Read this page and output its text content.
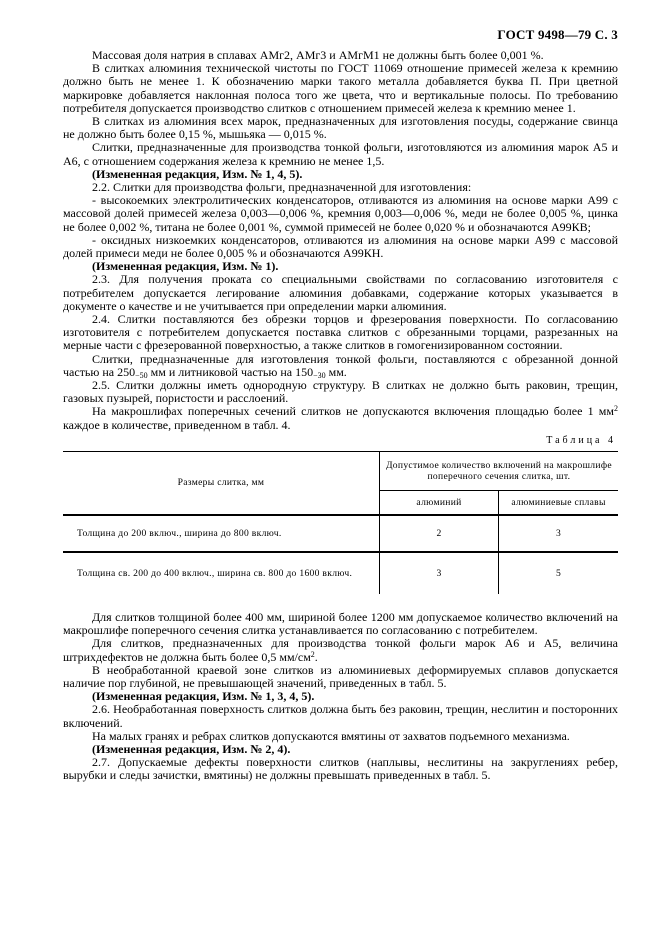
ГОСТ 9498—79 С. 3

Массовая доля натрия в сплавах АМг2, АМг3 и АМгМ1 не должны быть более 0,001 %.

В слитках алюминия технической чистоты по ГОСТ 11069 отношение примесей железа к кремнию должно быть не менее 1. К обозначению марки такого металла добавляется буква П. При цветной маркировке добавляется наклонная полоса того же цвета, что и вертикальные полосы. По требованию потребителя допускается производство слитков с отношением примесей железа к кремнию менее 1.

В слитках из алюминия всех марок, предназначенных для изготовления посуды, содержание свинца не должно быть более 0,15 %, мышьяка — 0,015 %.

Слитки, предназначенные для производства тонкой фольги, изготовляются из алюминия марок А5 и А6, с отношением содержания железа к кремнию не менее 1,5.

(Измененная редакция, Изм. № 1, 4, 5).

2.2. Слитки для производства фольги, предназначенной для изготовления:

- высокоемких электролитических конденсаторов, отливаются из алюминия на основе марки А99 с массовой долей примесей железа 0,003—0,006 %, кремния 0,003—0,006 %, меди не более 0,005 %, цинка не более 0,002 %, титана не более 0,001 %, суммой примесей не более 0,020 % и обозначаются А99КВ;

- оксидных низкоемких конденсаторов, отливаются из алюминия на основе марки А99 с массовой долей примеси меди не более 0,005 % и обозначаются А99КН.

(Измененная редакция, Изм. № 1).

2.3. Для получения проката со специальными свойствами по согласованию изготовителя с потребителем допускается легирование алюминия добавками, содержание которых указывается в документе о качестве и не учитывается при определении марки алюминия.

2.4. Слитки поставляются без обрезки торцов и фрезерования поверхности. По согласованию изготовителя с потребителем допускается поставка слитков с обрезанными торцами, разрезанных на мерные части с фрезерованной поверхностью, а также слитков в гомогенизированном состоянии.

Слитки, предназначенные для изготовления тонкой фольги, поставляются с обрезанной донной частью на $250_{-50}$ мм и литниковой частью на $150_{-30}$ мм.

2.5. Слитки должны иметь однородную структуру. В слитках не должно быть раковин, трещин, газовых пузырей, пористости и расслоений.

На макрошлифах поперечных сечений слитков не допускаются включения площадью более 1 $мм^2$ каждое в количестве, приведенном в табл. 4.

Таблица 4
Размеры слитка, мм	Допустимое количество включений на макрошлифе поперечного сечения слитка, шт.	
	алюминий	алюминиевые сплавы
Толщина до 200 включ., ширина до 800 включ.	2	3
Толщина св. 200 до 400 включ., ширина св. 800 до 1600 включ.	3	5

Для слитков толщиной более 400 мм, шириной более 1200 мм допускаемое количество включений на макрошлифе поперечного сечения слитка устанавливается по согласованию с потребителем.

Для слитков, предназначенных для производства тонкой фольги марок А6 и А5, величина штрихдефектов не должна быть более 0,5 $мм/см^2$.

В необработанной краевой зоне слитков из алюминиевых деформируемых сплавов допускается наличие пор глубиной, не превышающей значений, приведенных в табл. 5.

(Измененная редакция, Изм. № 1, 3, 4, 5).

2.6. Необработанная поверхность слитков должна быть без раковин, трещин, неслитин и посторонних включений.

На малых гранях и ребрах слитков допускаются вмятины от захватов подъемного механизма.

(Измененная редакция, Изм. № 2, 4).

2.7. Допускаемые дефекты поверхности слитков (наплывы, неслитины на закруглениях ребер, вырубки и следы зачистки, вмятины) не должны превышать приведенных в табл. 5.
